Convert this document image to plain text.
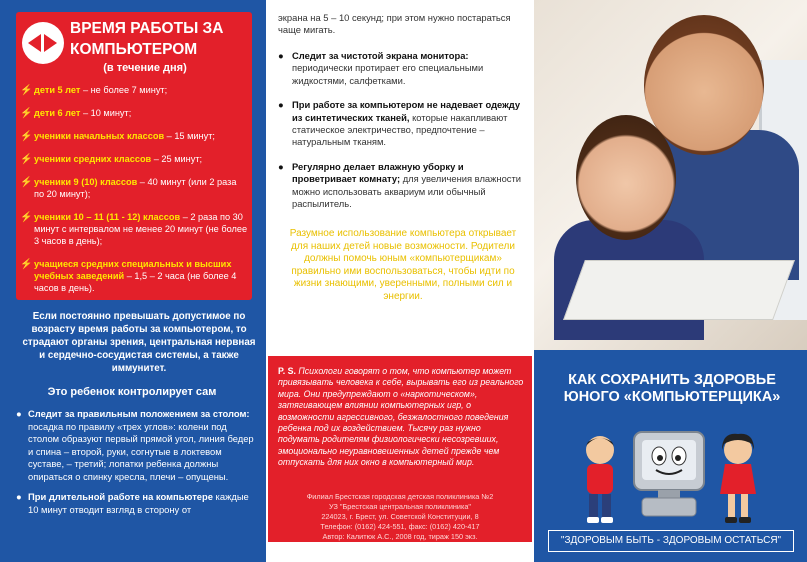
ВРЕМЯ РАБОТЫ ЗА КОМПЬЮТЕРОМ
(в течение дня)
⚡ дети 5 лет – не более 7 минут;
⚡ дети 6 лет – 10 минут;
⚡ ученики начальных классов – 15 минут;
⚡ ученики средних классов – 25 минут;
⚡ ученики 9 (10) классов – 40 минут (или 2 раза по 20 минут);
⚡ ученики 10 – 11 (11 - 12) классов – 2 раза по 30 минут с интервалом не менее 20 минут (не более 3 часов в день);
⚡ учащиеся средних специальных и высших учебных заведений – 1,5 – 2 часа (не более 4 часов в день).
Если постоянно превышать допустимое по возрасту время работы за компьютером, то страдают органы зрения, центральная нервная и сердечно-сосудистая системы, а также иммунитет.
Это ребенок контролирует сам
● Следит за правильным положением за столом: посадка по правилу «трех углов»: колени под столом образуют первый прямой угол, линия бедер и спина – второй, руки, согнутые в локтевом суставе, – третий; лопатки ребенка должны опираться о спинку кресла, плечи – опущены.
● При длительной работе на компьютере каждые 10 минут отводит взгляд в сторону от
экрана на 5 – 10 секунд; при этом нужно постараться чаще мигать.
● Следит за чистотой экрана монитора: периодически протирает его специальными жидкостями, салфетками.
● При работе за компьютером не надевает одежду из синтетических тканей, которые накапливают статическое электричество, предпочтение – натуральным тканям.
● Регулярно делает влажную уборку и проветривает комнату; для увеличения влажности можно использовать аквариум или обычный распылитель.
Разумное использование компьютера открывает для наших детей новые возможности. Родители должны помочь юным «компьютерщикам» правильно ими воспользоваться, чтобы идти по жизни знающими, уверенными, полными сил и энергии.
P. S. Психологи говорят о том, что компьютер может привязывать человека к себе, вырывать его из реального мира. Они предупреждают о «наркотическом», затягивающем влиянии компьютерных игр, о возможности агрессивного, безжалостного поведения ребенка под их воздействием. Тысячу раз нужно подумать родителям физиологически несозревших, эмоционально неуравновешенных детей прежде чем отпускать для них окно в компьютерный мир.
Филиал Брестская городская детская поликлиника №2
УЗ "Брестская центральная поликлиника"
224023, г. Брест, ул. Советской Конституции, 8
Телефон: (0162) 424-551, факс: (0162) 420-417
Автор: Калитюк А.С., 2008 год, тираж 150 экз.
КАК СОХРАНИТЬ ЗДОРОВЬЕ ЮНОГО «КОМПЬЮТЕРЩИКА»
"ЗДОРОВЫМ БЫТЬ - ЗДОРОВЫМ ОСТАТЬСЯ"
